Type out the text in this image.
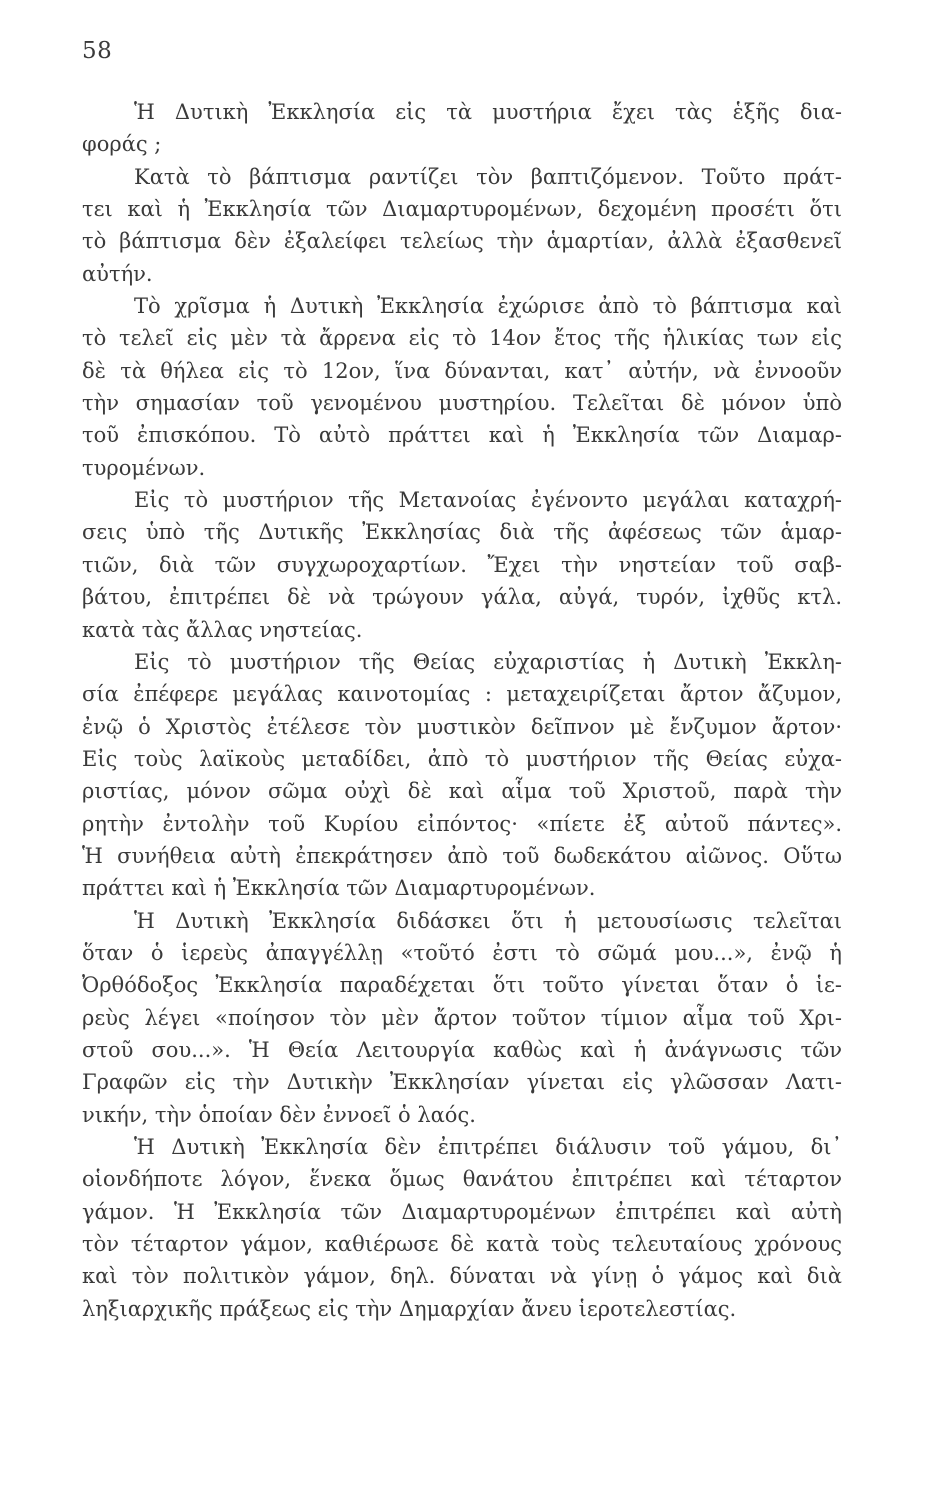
58
Ἡ Δυτικὴ Ἐκκλησία εἰς τὰ μυστήρια ἔχει τὰς ἑξῆς δια-
φοράς ;
Κατὰ τὸ βάπτισμα ραντίζει τὸν βαπτιζόμενον. Τοῦτο πράτ-
τει καὶ ἡ Ἐκκλησία τῶν Διαμαρτυρομένων, δεχομένη προσέτι ὅτι
τὸ βάπτισμα δὲν ἐξαλείφει τελείως τὴν ἁμαρτίαν, ἀλλὰ ἐξασθενεῖ
αὐτήν.
Τὸ χρῖσμα ἡ Δυτικὴ Ἐκκλησία ἐχώρισε ἀπὸ τὸ βάπτισμα καὶ
τὸ τελεῖ εἰς μὲν τὰ ἄρρενα εἰς τὸ 14ον ἔτος τῆς ἡλικίας των εἰς
δὲ τὰ θήλεα εἰς τὸ 12ον, ἵνα δύνανται, κατ᾽ αὐτήν, νὰ ἐννοοῦν
τὴν σημασίαν τοῦ γενομένου μυστηρίου. Τελεῖται δὲ μόνον ὑπὸ
τοῦ ἐπισκόπου. Τὸ αὐτὸ πράττει καὶ ἡ Ἐκκλησία τῶν Διαμαρ-
τυρομένων.
Εἰς τὸ μυστήριον τῆς Μετανοίας ἐγένοντο μεγάλαι καταχρή-
σεις ὑπὸ τῆς Δυτικῆς Ἐκκλησίας διὰ τῆς ἀφέσεως τῶν ἁμαρ-
τιῶν, διὰ τῶν συγχωροχαρτίων. Ἔχει τὴν νηστείαν τοῦ σαβ-
βάτου, ἐπιτρέπει δὲ νὰ τρώγουν γάλα, αὐγά, τυρόν, ἰχθῦς κτλ.
κατὰ τὰς ἄλλας νηστείας.
Εἰς τὸ μυστήριον τῆς Θείας εὐχαριστίας ἡ Δυτικὴ Ἐκκλη-
σία ἐπέφερε μεγάλας καινοτομίας : μεταχειρίζεται ἄρτον ἄζυμον,
ἐνῷ ὁ Χριστὸς ἐτέλεσε τὸν μυστικὸν δεῖπνον μὲ ἔνζυμον ἄρτον·
Εἰς τοὺς λαϊκοὺς μεταδίδει, ἀπὸ τὸ μυστήριον τῆς Θείας εὐχα-
ριστίας, μόνον σῶμα οὐχὶ δὲ καὶ αἷμα τοῦ Χριστοῦ, παρὰ τὴν
ρητὴν ἐντολὴν τοῦ Κυρίου εἰπόντος· «πίετε ἐξ αὐτοῦ πάντες».
Ἡ συνήθεια αὐτὴ ἐπεκράτησεν ἀπὸ τοῦ δωδεκάτου αἰῶνος. Οὕτω
πράττει καὶ ἡ Ἐκκλησία τῶν Διαμαρτυρομένων.
Ἡ Δυτικὴ Ἐκκλησία διδάσκει ὅτι ἡ μετουσίωσις τελεῖται
ὅταν ὁ ἱερεὺς ἀπαγγέλλῃ «τοῦτό ἐστι τὸ σῶμά μου...», ἐνῷ ἡ
Ὀρθόδοξος Ἐκκλησία παραδέχεται ὅτι τοῦτο γίνεται ὅταν ὁ ἱε-
ρεὺς λέγει «ποίησον τὸν μὲν ἄρτον τοῦτον τίμιον αἷμα τοῦ Χρι-
στοῦ σου...». Ἡ Θεία Λειτουργία καθὼς καὶ ἡ ἀνάγνωσις τῶν
Γραφῶν εἰς τὴν Δυτικὴν Ἐκκλησίαν γίνεται εἰς γλῶσσαν Λατι-
νικήν, τὴν ὁποίαν δὲν ἐννοεῖ ὁ λαός.
Ἡ Δυτικὴ Ἐκκλησία δὲν ἐπιτρέπει διάλυσιν τοῦ γάμου, δι᾽
οἱονδήποτε λόγον, ἕνεκα ὅμως θανάτου ἐπιτρέπει καὶ τέταρτον
γάμον. Ἡ Ἐκκλησία τῶν Διαμαρτυρομένων ἐπιτρέπει καὶ αὐτὴ
τὸν τέταρτον γάμον, καθιέρωσε δὲ κατὰ τοὺς τελευταίους χρόνους
καὶ τὸν πολιτικὸν γάμον, δηλ. δύναται νὰ γίνῃ ὁ γάμος καὶ διὰ
ληξιαρχικῆς πράξεως εἰς τὴν Δημαρχίαν ἄνευ ἱεροτελεστίας.
